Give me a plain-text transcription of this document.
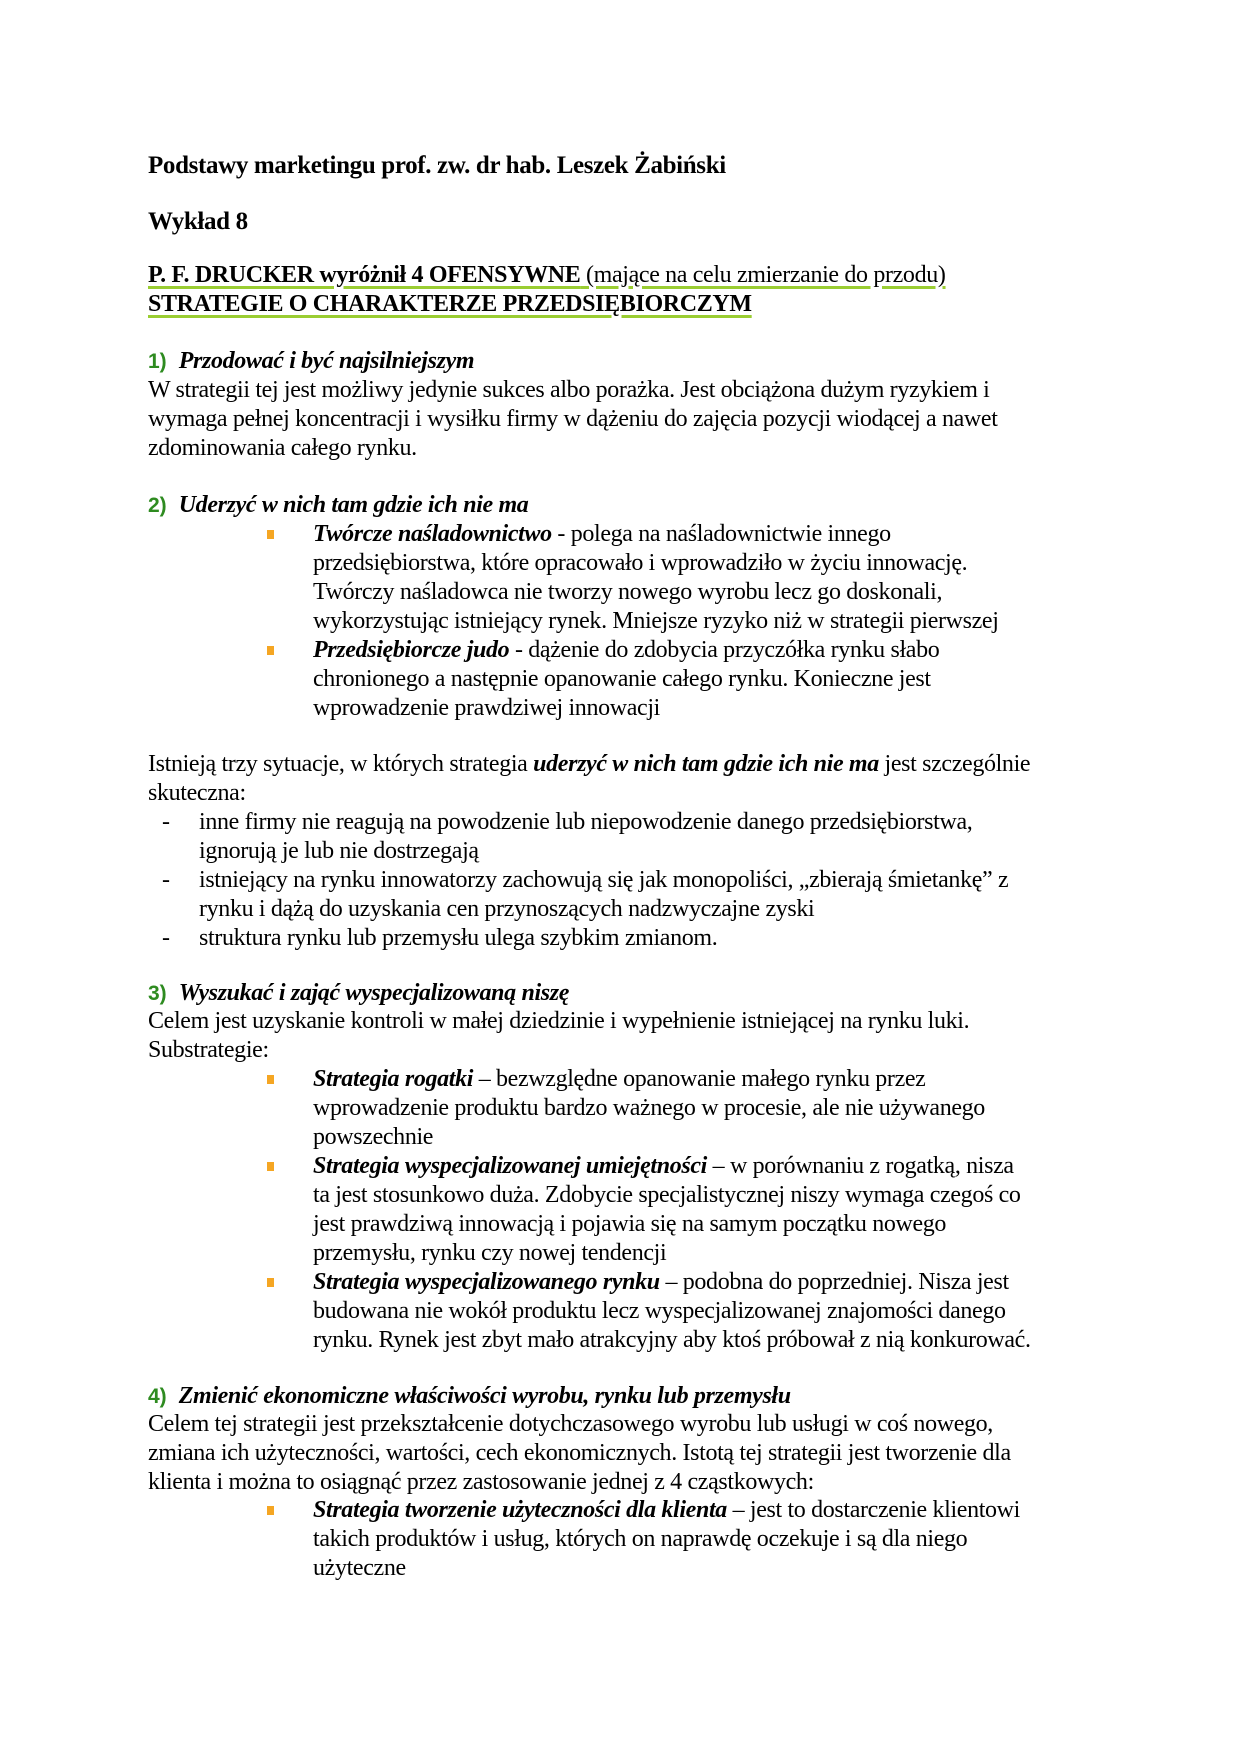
Podstawy marketingu prof. zw. dr hab. Leszek Żabiński
Wykład 8
P. F. DRUCKER wyróżnił 4 OFENSYWNE (mające na celu zmierzanie do przodu)
STRATEGIE O CHARAKTERZE PRZEDSIĘBIORCZYM
1) Przodować i być najsilniejszym
W strategii tej jest możliwy jedynie sukces albo porażka. Jest obciążona dużym ryzykiem i
wymaga pełnej koncentracji i wysiłku firmy w dążeniu do zajęcia pozycji wiodącej a nawet
zdominowania całego rynku.
2) Uderzyć w nich tam gdzie ich nie ma
Twórcze naśladownictwo - polega na naśladownictwie innego
przedsiębiorstwa, które opracowało i wprowadziło w życiu innowację.
Twórczy naśladowca nie tworzy nowego wyrobu lecz go doskonali,
wykorzystując istniejący rynek. Mniejsze ryzyko niż w strategii pierwszej
Przedsiębiorcze judo - dążenie do zdobycia przyczółka rynku słabo
chronionego a następnie opanowanie całego rynku. Konieczne jest
wprowadzenie prawdziwej innowacji
Istnieją trzy sytuacje, w których strategia uderzyć w nich tam gdzie ich nie ma jest szczególnie
skuteczna:
- inne firmy nie reagują na powodzenie lub niepowodzenie danego przedsiębiorstwa,
ignorują je lub nie dostrzegają
- istniejący na rynku innowatorzy zachowują się jak monopoliści, „zbierają śmietankę” z
rynku i dążą do uzyskania cen przynoszących nadzwyczajne zyski
- struktura rynku lub przemysłu ulega szybkim zmianom.
3) Wyszukać i zająć wyspecjalizowaną niszę
Celem jest uzyskanie kontroli w małej dziedzinie i wypełnienie istniejącej na rynku luki.
Substrategie:
Strategia rogatki – bezwzględne opanowanie małego rynku przez
wprowadzenie produktu bardzo ważnego w procesie, ale nie używanego
powszechnie
Strategia wyspecjalizowanej umiejętności – w porównaniu z rogatką, nisza
ta jest stosunkowo duża. Zdobycie specjalistycznej niszy wymaga czegoś co
jest prawdziwą innowacją i pojawia się na samym początku nowego
przemysłu, rynku czy nowej tendencji
Strategia wyspecjalizowanego rynku – podobna do poprzedniej. Nisza jest
budowana nie wokół produktu lecz wyspecjalizowanej znajomości danego
rynku. Rynek jest zbyt mało atrakcyjny aby ktoś próbował z nią konkurować.
4) Zmienić ekonomiczne właściwości wyrobu, rynku lub przemysłu
Celem tej strategii jest przekształcenie dotychczasowego wyrobu lub usługi w coś nowego,
zmiana ich użyteczności, wartości, cech ekonomicznych. Istotą tej strategii jest tworzenie dla
klienta i można to osiągnąć przez zastosowanie jednej z 4 cząstkowych:
Strategia tworzenie użyteczności dla klienta – jest to dostarczenie klientowi
takich produktów i usług, których on naprawdę oczekuje i są dla niego
użyteczne
